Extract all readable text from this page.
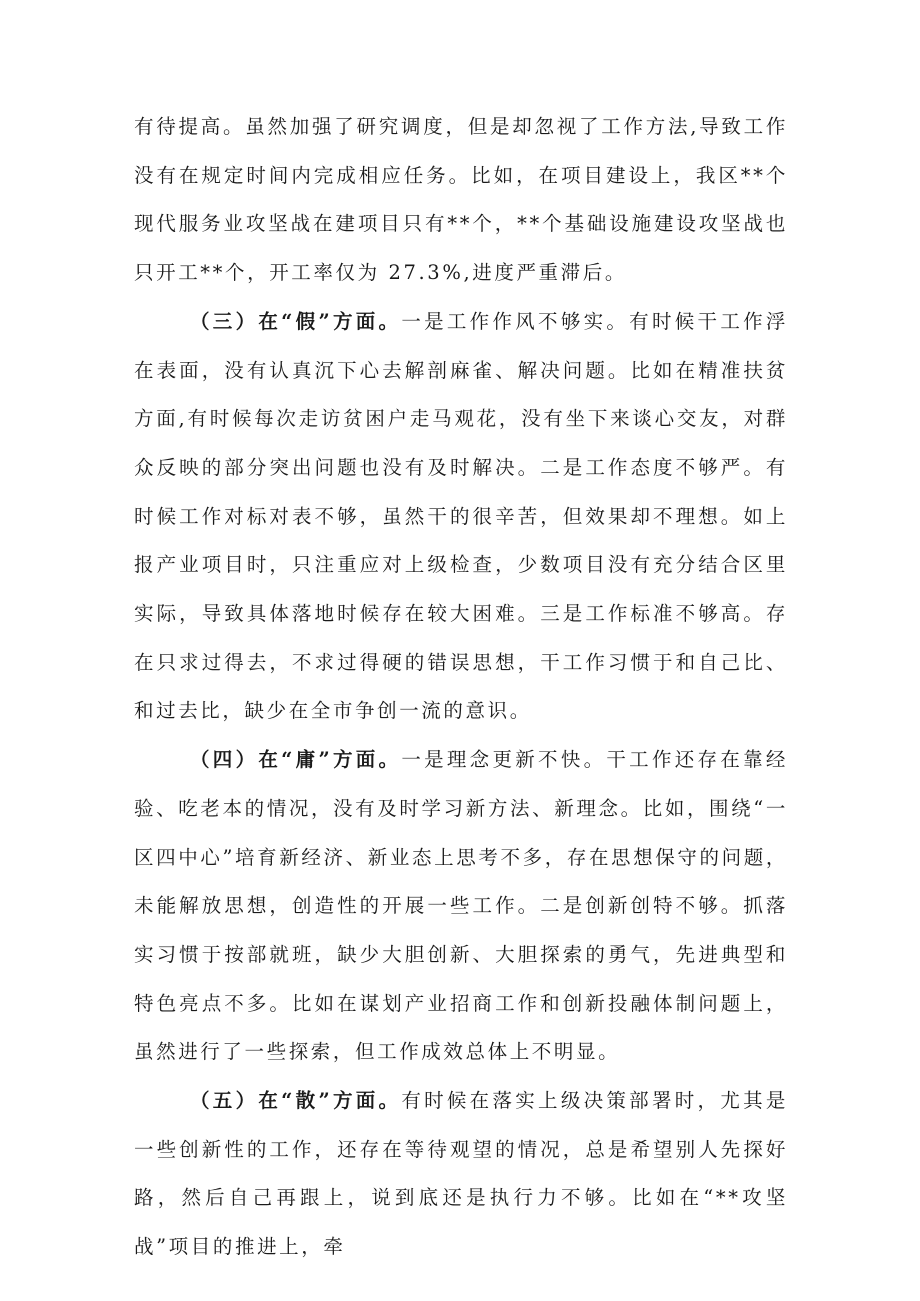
有待提高。虽然加强了研究调度，但是却忽视了工作方法,导致工作没有在规定时间内完成相应任务。比如，在项目建设上，我区**个现代服务业攻坚战在建项目只有**个，**个基础设施建设攻坚战也只开工**个，开工率仅为 27.3%,进度严重滞后。

（三）在“假”方面。一是工作作风不够实。有时候干工作浮在表面，没有认真沉下心去解剖麻雀、解决问题。比如在精准扶贫方面,有时候每次走访贫困户走马观花，没有坐下来谈心交友，对群众反映的部分突出问题也没有及时解决。二是工作态度不够严。有时候工作对标对表不够，虽然干的很辛苦，但效果却不理想。如上报产业项目时，只注重应对上级检查，少数项目没有充分结合区里实际，导致具体落地时候存在较大困难。三是工作标准不够高。存在只求过得去，不求过得硬的错误思想，干工作习惯于和自己比、和过去比，缺少在全市争创一流的意识。

（四）在“庸”方面。一是理念更新不快。干工作还存在靠经验、吃老本的情况，没有及时学习新方法、新理念。比如，围绕“一区四中心”培育新经济、新业态上思考不多，存在思想保守的问题，未能解放思想，创造性的开展一些工作。二是创新创特不够。抓落实习惯于按部就班，缺少大胆创新、大胆探索的勇气，先进典型和特色亮点不多。比如在谋划产业招商工作和创新投融体制问题上，虽然进行了一些探索，但工作成效总体上不明显。

（五）在“散”方面。有时候在落实上级决策部署时，尤其是一些创新性的工作，还存在等待观望的情况，总是希望别人先探好路，然后自己再跟上，说到底还是执行力不够。比如在“**攻坚战”项目的推进上，牵
